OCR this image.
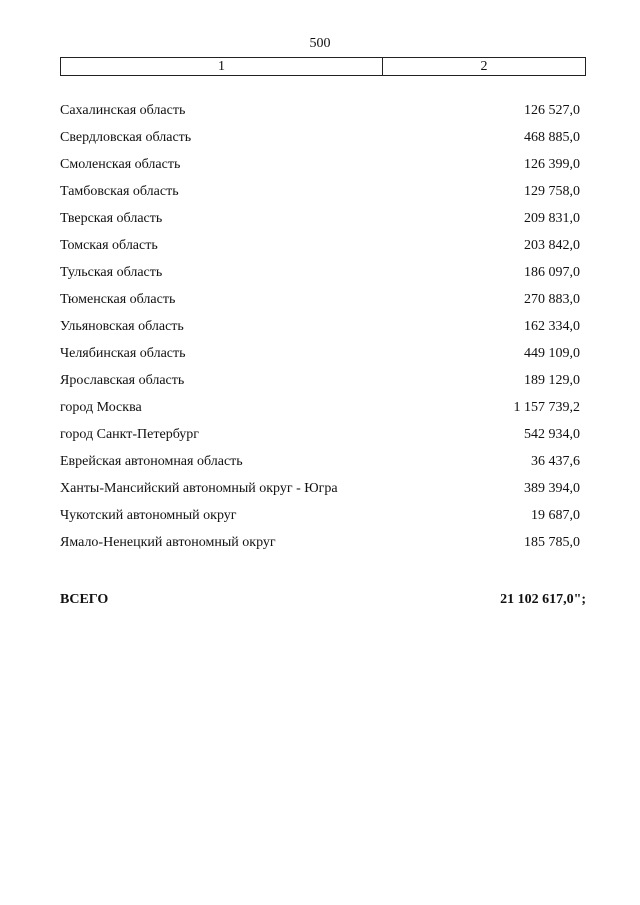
500
1	2
Сахалинская область	126 527,0
Свердловская область	468 885,0
Смоленская область	126 399,0
Тамбовская область	129 758,0
Тверская область	209 831,0
Томская область	203 842,0
Тульская область	186 097,0
Тюменская область	270 883,0
Ульяновская область	162 334,0
Челябинская область	449 109,0
Ярославская область	189 129,0
город Москва	1 157 739,2
город Санкт-Петербург	542 934,0
Еврейская автономная область	36 437,6
Ханты-Мансийский автономный округ - Югра	389 394,0
Чукотский автономный округ	19 687,0
Ямало-Ненецкий автономный округ	185 785,0
ВСЕГО	21 102 617,0";
